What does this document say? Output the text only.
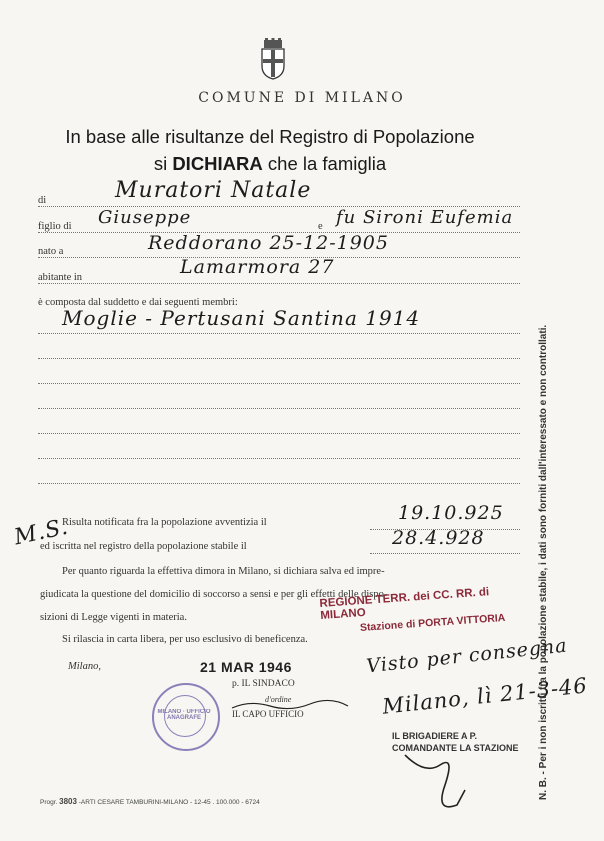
COMUNE DI MILANO
In base alle risultanze del Registro di Popolazione
si DICHIARA che la famiglia
di	Muratori Natale
figlio di	e
Giuseppe	fu Sironi Eufemia
nato a	Reddorano 25-12-1905
abitante in	Lamarmora 27
è composta dal suddetto e dai seguenti membri:
Moglie - Pertusani Santina 1914
M.S.
Risulta notificata fra la popolazione avventizia il	19.10.925
ed iscritta nel registro della popolazione stabile il	28.4.928
Per quanto riguarda la effettiva dimora in Milano, si dichiara salva ed impre-
giudicata la questione del domicilio di soccorso a sensi e per gli effetti delle dispo-
sizioni di Legge vigenti in materia.
Si rilascia in carta libera, per uso esclusivo di beneficenza.
Milano,	21 MAR 1946
p. IL SINDACO
d'ordine
IL CAPO UFFICIO
MILANO · UFFICIO ANAGRAFE
REGIONE TERR. dei CC. RR. di MILANO
Stazione di PORTA VITTORIA
Visto per consegna
Milano, lì 21-3-46
IL BRIGADIERE A P.
COMANDANTE LA STAZIONE N. B. - Per i non iscritti fra la popolazione stabile, i dati sono forniti dall'interessato e non controllati.
Progr. 3803 -ARTI CESARE TAMBURINI-MILANO - 12-45 . 100.000 - 6724
